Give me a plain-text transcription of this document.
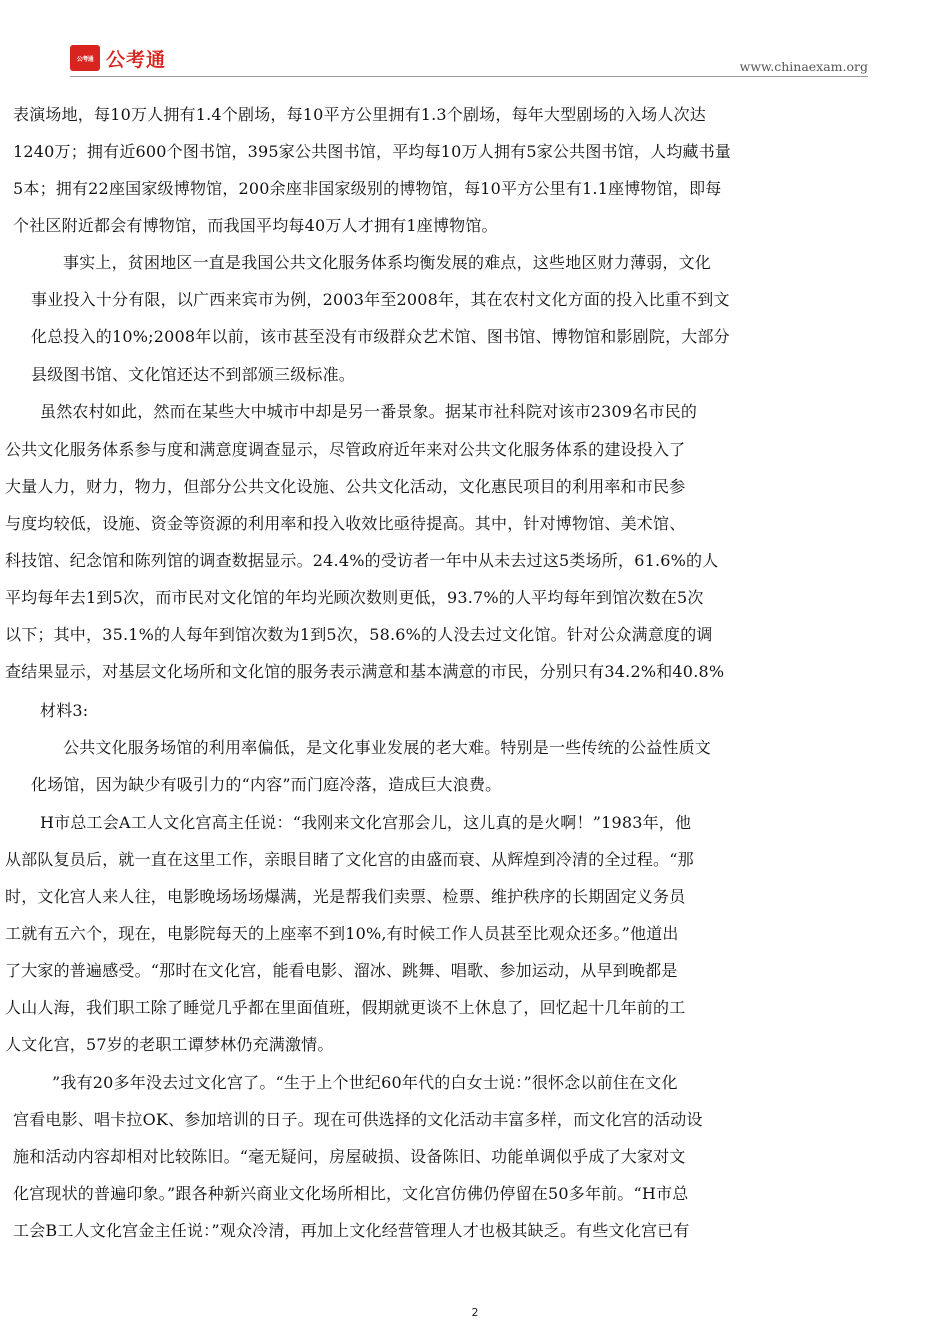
公考通 公考通	www.chinaexam.org
表演场地，每10万人拥有1.4个剧场，每10平方公里拥有1.3个剧场，每年大型剧场的入场人次达
1240万；拥有近600个图书馆，395家公共图书馆，平均每10万人拥有5家公共图书馆，人均藏书量
5本；拥有22座国家级博物馆，200余座非国家级别的博物馆，每10平方公里有1.1座博物馆，即每
个社区附近都会有博物馆，而我国平均每40万人才拥有1座博物馆。
事实上，贫困地区一直是我国公共文化服务体系均衡发展的难点，这些地区财力薄弱，文化
事业投入十分有限，以广西来宾市为例，2003年至2008年，其在农村文化方面的投入比重不到文
化总投入的10%;2008年以前，该市甚至没有市级群众艺术馆、图书馆、博物馆和影剧院，大部分
县级图书馆、文化馆还达不到部颁三级标准。
虽然农村如此，然而在某些大中城市中却是另一番景象。据某市社科院对该市2309名市民的
公共文化服务体系参与度和满意度调查显示，尽管政府近年来对公共文化服务体系的建设投入了
大量人力，财力，物力，但部分公共文化设施、公共文化活动，文化惠民项目的利用率和市民参
与度均较低，设施、资金等资源的利用率和投入收效比亟待提高。其中，针对博物馆、美术馆、
科技馆、纪念馆和陈列馆的调查数据显示。24.4%的受访者一年中从未去过这5类场所，61.6%的人
平均每年去1到5次，而市民对文化馆的年均光顾次数则更低，93.7%的人平均每年到馆次数在5次
以下；其中，35.1%的人每年到馆次数为1到5次，58.6%的人没去过文化馆。针对公众满意度的调
查结果显示，对基层文化场所和文化馆的服务表示满意和基本满意的市民，分别只有34.2%和40.8%
材料3:
公共文化服务场馆的利用率偏低，是文化事业发展的老大难。特别是一些传统的公益性质文
化场馆，因为缺少有吸引力的“内容”而门庭冷落，造成巨大浪费。
H市总工会A工人文化宫高主任说：“我刚来文化宫那会儿，这儿真的是火啊！”1983年，他
从部队复员后，就一直在这里工作，亲眼目睹了文化宫的由盛而衰、从辉煌到冷清的全过程。“那
时，文化宫人来人往，电影晚场场场爆满，光是帮我们卖票、检票、维护秩序的长期固定义务员
工就有五六个，现在，电影院每天的上座率不到10%,有时候工作人员甚至比观众还多。”他道出
了大家的普遍感受。“那时在文化宫，能看电影、溜冰、跳舞、唱歌、参加运动，从早到晚都是
人山人海，我们职工除了睡觉几乎都在里面值班，假期就更谈不上休息了，回忆起十几年前的工
人文化宫，57岁的老职工谭梦林仍充满激情。
”我有20多年没去过文化宫了。“生于上个世纪60年代的白女士说：”很怀念以前住在文化
宫看电影、唱卡拉OK、参加培训的日子。现在可供选择的文化活动丰富多样，而文化宫的活动设
施和活动内容却相对比较陈旧。“毫无疑问，房屋破损、设备陈旧、功能单调似乎成了大家对文
化宫现状的普遍印象。”跟各种新兴商业文化场所相比，文化宫仿佛仍停留在50多年前。“H市总
工会B工人文化宫金主任说：”观众冷清，再加上文化经营管理人才也极其缺乏。有些文化宫已有
2
